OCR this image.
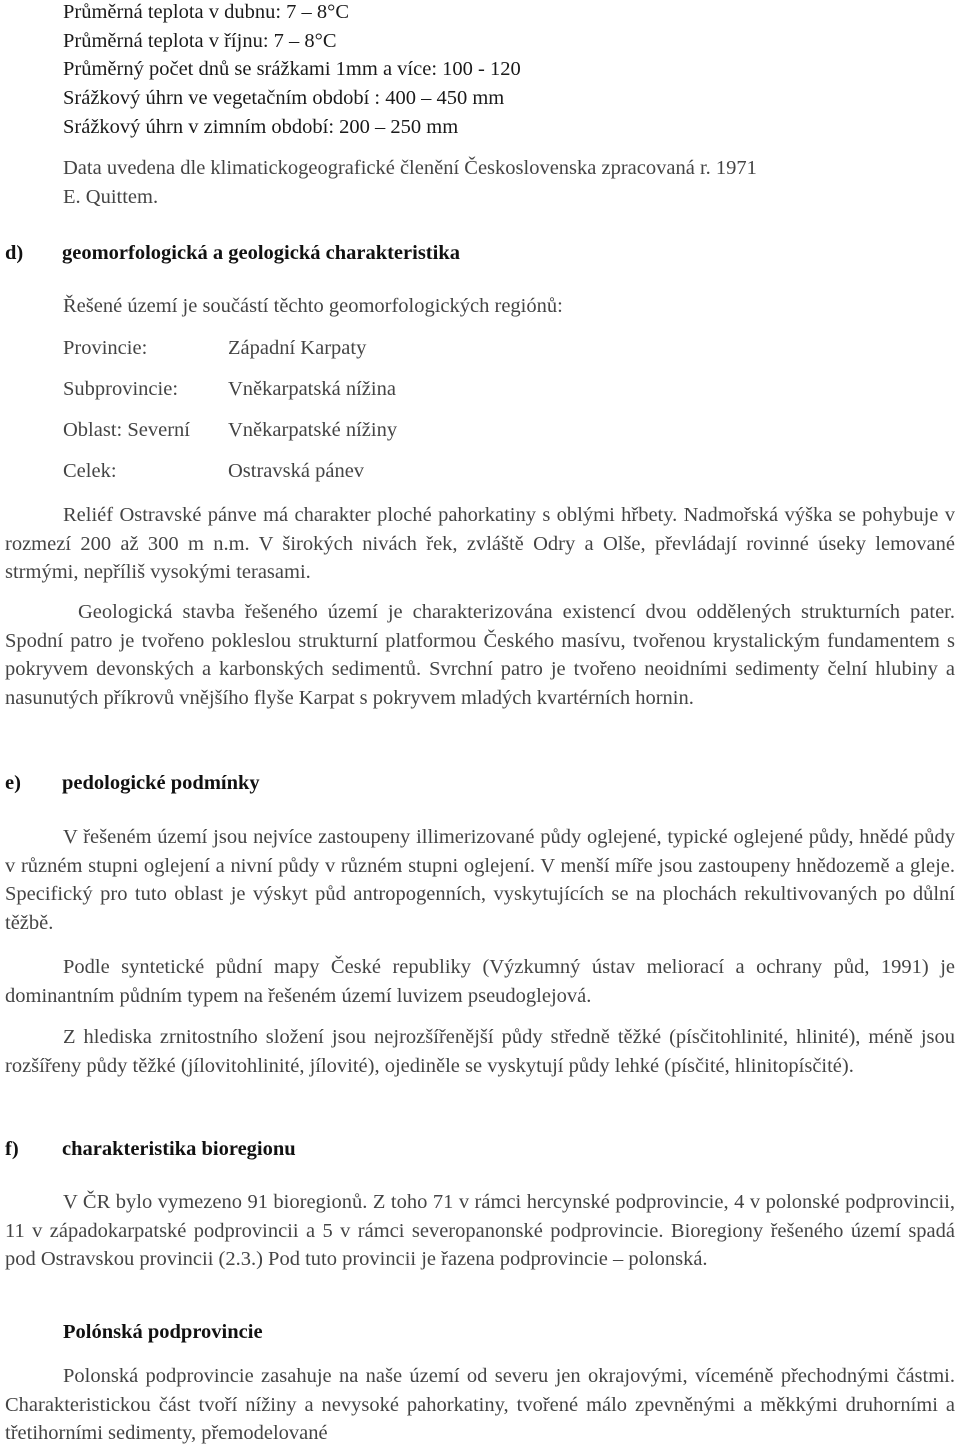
Průměrná teplota v dubnu: 7 – 8°C
Průměrná teplota v říjnu: 7 – 8°C
Průměrný počet dnů se srážkami 1mm a více: 100 - 120
Srážkový úhrn ve vegetačním období : 400 – 450 mm
Srážkový úhrn v zimním období: 200 – 250 mm
Data uvedena dle klimatickogeografické členění Československa zpracovaná r. 1971
E. Quittem.
d) geomorfologická a geologická charakteristika
Řešené území je součástí těchto geomorfologických regiónů:
Provincie:	Západní Karpaty
Subprovincie: Vněkarpatská nížina
Oblast: Severní Vněkarpatské nížiny
Celek:	Ostravská pánev
Reliéf Ostravské pánve má charakter ploché pahorkatiny s oblými hřbety. Nadmořská výška se pohybuje v rozmezí 200 až 300 m n.m. V širokých nivách řek, zvláště Odry a Olše, převládají rovinné úseky lemované strmými, nepříliš vysokými terasami.
Geologická stavba řešeného území je charakterizována existencí dvou oddělených strukturních pater. Spodní patro je tvořeno pokleslou strukturní platformou Českého masívu, tvořenou krystalickým fundamentem s pokryvem devonských a karbonských sedimentů. Svrchní patro je tvořeno neoidními sedimenty čelní hlubiny a nasunutých příkrovů vnějšího flyše Karpat s pokryvem mladých kvartérních hornin.
e) pedologické podmínky
V řešeném území jsou nejvíce zastoupeny illimerizované půdy oglejené, typické oglejené půdy, hnědé půdy v různém stupni oglejení a nivní půdy v různém stupni oglejení. V menší míře jsou zastoupeny hnědozemě a gleje. Specifický pro tuto oblast je výskyt půd antropogenních, vyskytujících se na plochách rekultivovaných po důlní těžbě.
Podle syntetické půdní mapy České republiky (Výzkumný ústav meliorací a ochrany půd, 1991) je dominantním půdním typem na řešeném území luvizem pseudoglejová.
Z hlediska zrnitostního složení jsou nejrozšířenější půdy středně těžké (písčitohlinité, hlinité), méně jsou rozšířeny půdy těžké (jílovitohlinité, jílovité), ojediněle se vyskytují půdy lehké (písčité, hlinitopísčité).
f) charakteristika bioregionu
V ČR bylo vymezeno 91 bioregionů. Z toho 71 v rámci hercynské podprovincie, 4 v polonské podprovincii, 11 v západokarpatské podprovincii a 5 v rámci severopanonské podprovincie. Bioregiony řešeného území spadá pod Ostravskou provincii (2.3.) Pod tuto provincii je řazena podprovincie – polonská.
Polónská podprovincie
Polonská podprovincie zasahuje na naše území od severu jen okrajovými, víceméně přechodnými částmi. Charakteristickou část tvoří nížiny a nevysoké pahorkatiny, tvořené málo zpevněnými a měkkými druhorními a třetihorními sedimenty, přemodelované
